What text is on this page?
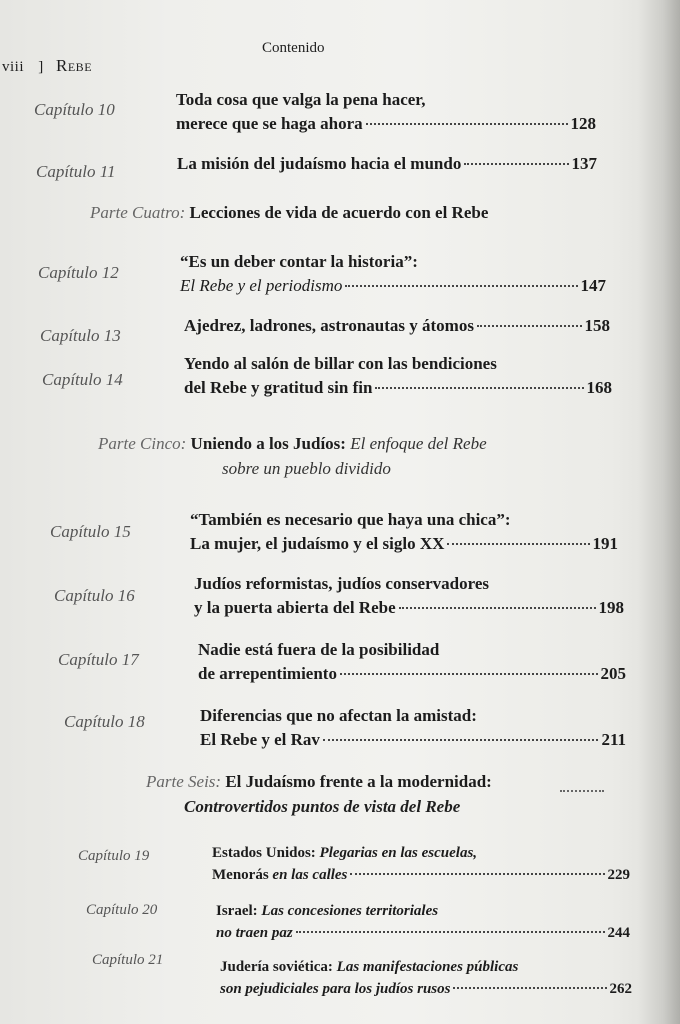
viii ] Rebe
Contenido
Capítulo 10
Toda cosa que valga la pena hacer,
merece que se haga ahora	128
Capítulo 11	La misión del judaísmo hacia el mundo	137
Parte Cuatro: Lecciones de vida de acuerdo con el Rebe
Capítulo 12
“Es un deber contar la historia”:
El Rebe y el periodismo	147
Capítulo 13
Ajedrez, ladrones, astronautas y átomos	158
Capítulo 14
Yendo al salón de billar con las bendiciones
del Rebe y gratitud sin fin	168
Parte Cinco: Uniendo a los Judíos: El enfoque del Rebe
sobre un pueblo dividido
Capítulo 15
“También es necesario que haya una chica”:
La mujer, el judaísmo y el siglo XX	191
Capítulo 16
Judíos reformistas, judíos conservadores
y la puerta abierta del Rebe	198
Capítulo 17
Nadie está fuera de la posibilidad
de arrepentimiento	205
Capítulo 18	Diferencias que no afectan la amistad:
El Rebe y el Rav	211
Parte Seis: El Judaísmo frente a la modernidad:
Controvertidos puntos de vista del Rebe
Capítulo 19	Estados Unidos: Plegarias en las escuelas,
Menorás en las calles	229
Capítulo 20	Israel: Las concesiones territoriales
no traen paz	244
Capítulo 21	Judería soviética: Las manifestaciones públicas
son pejudiciales para los judíos rusos	262
